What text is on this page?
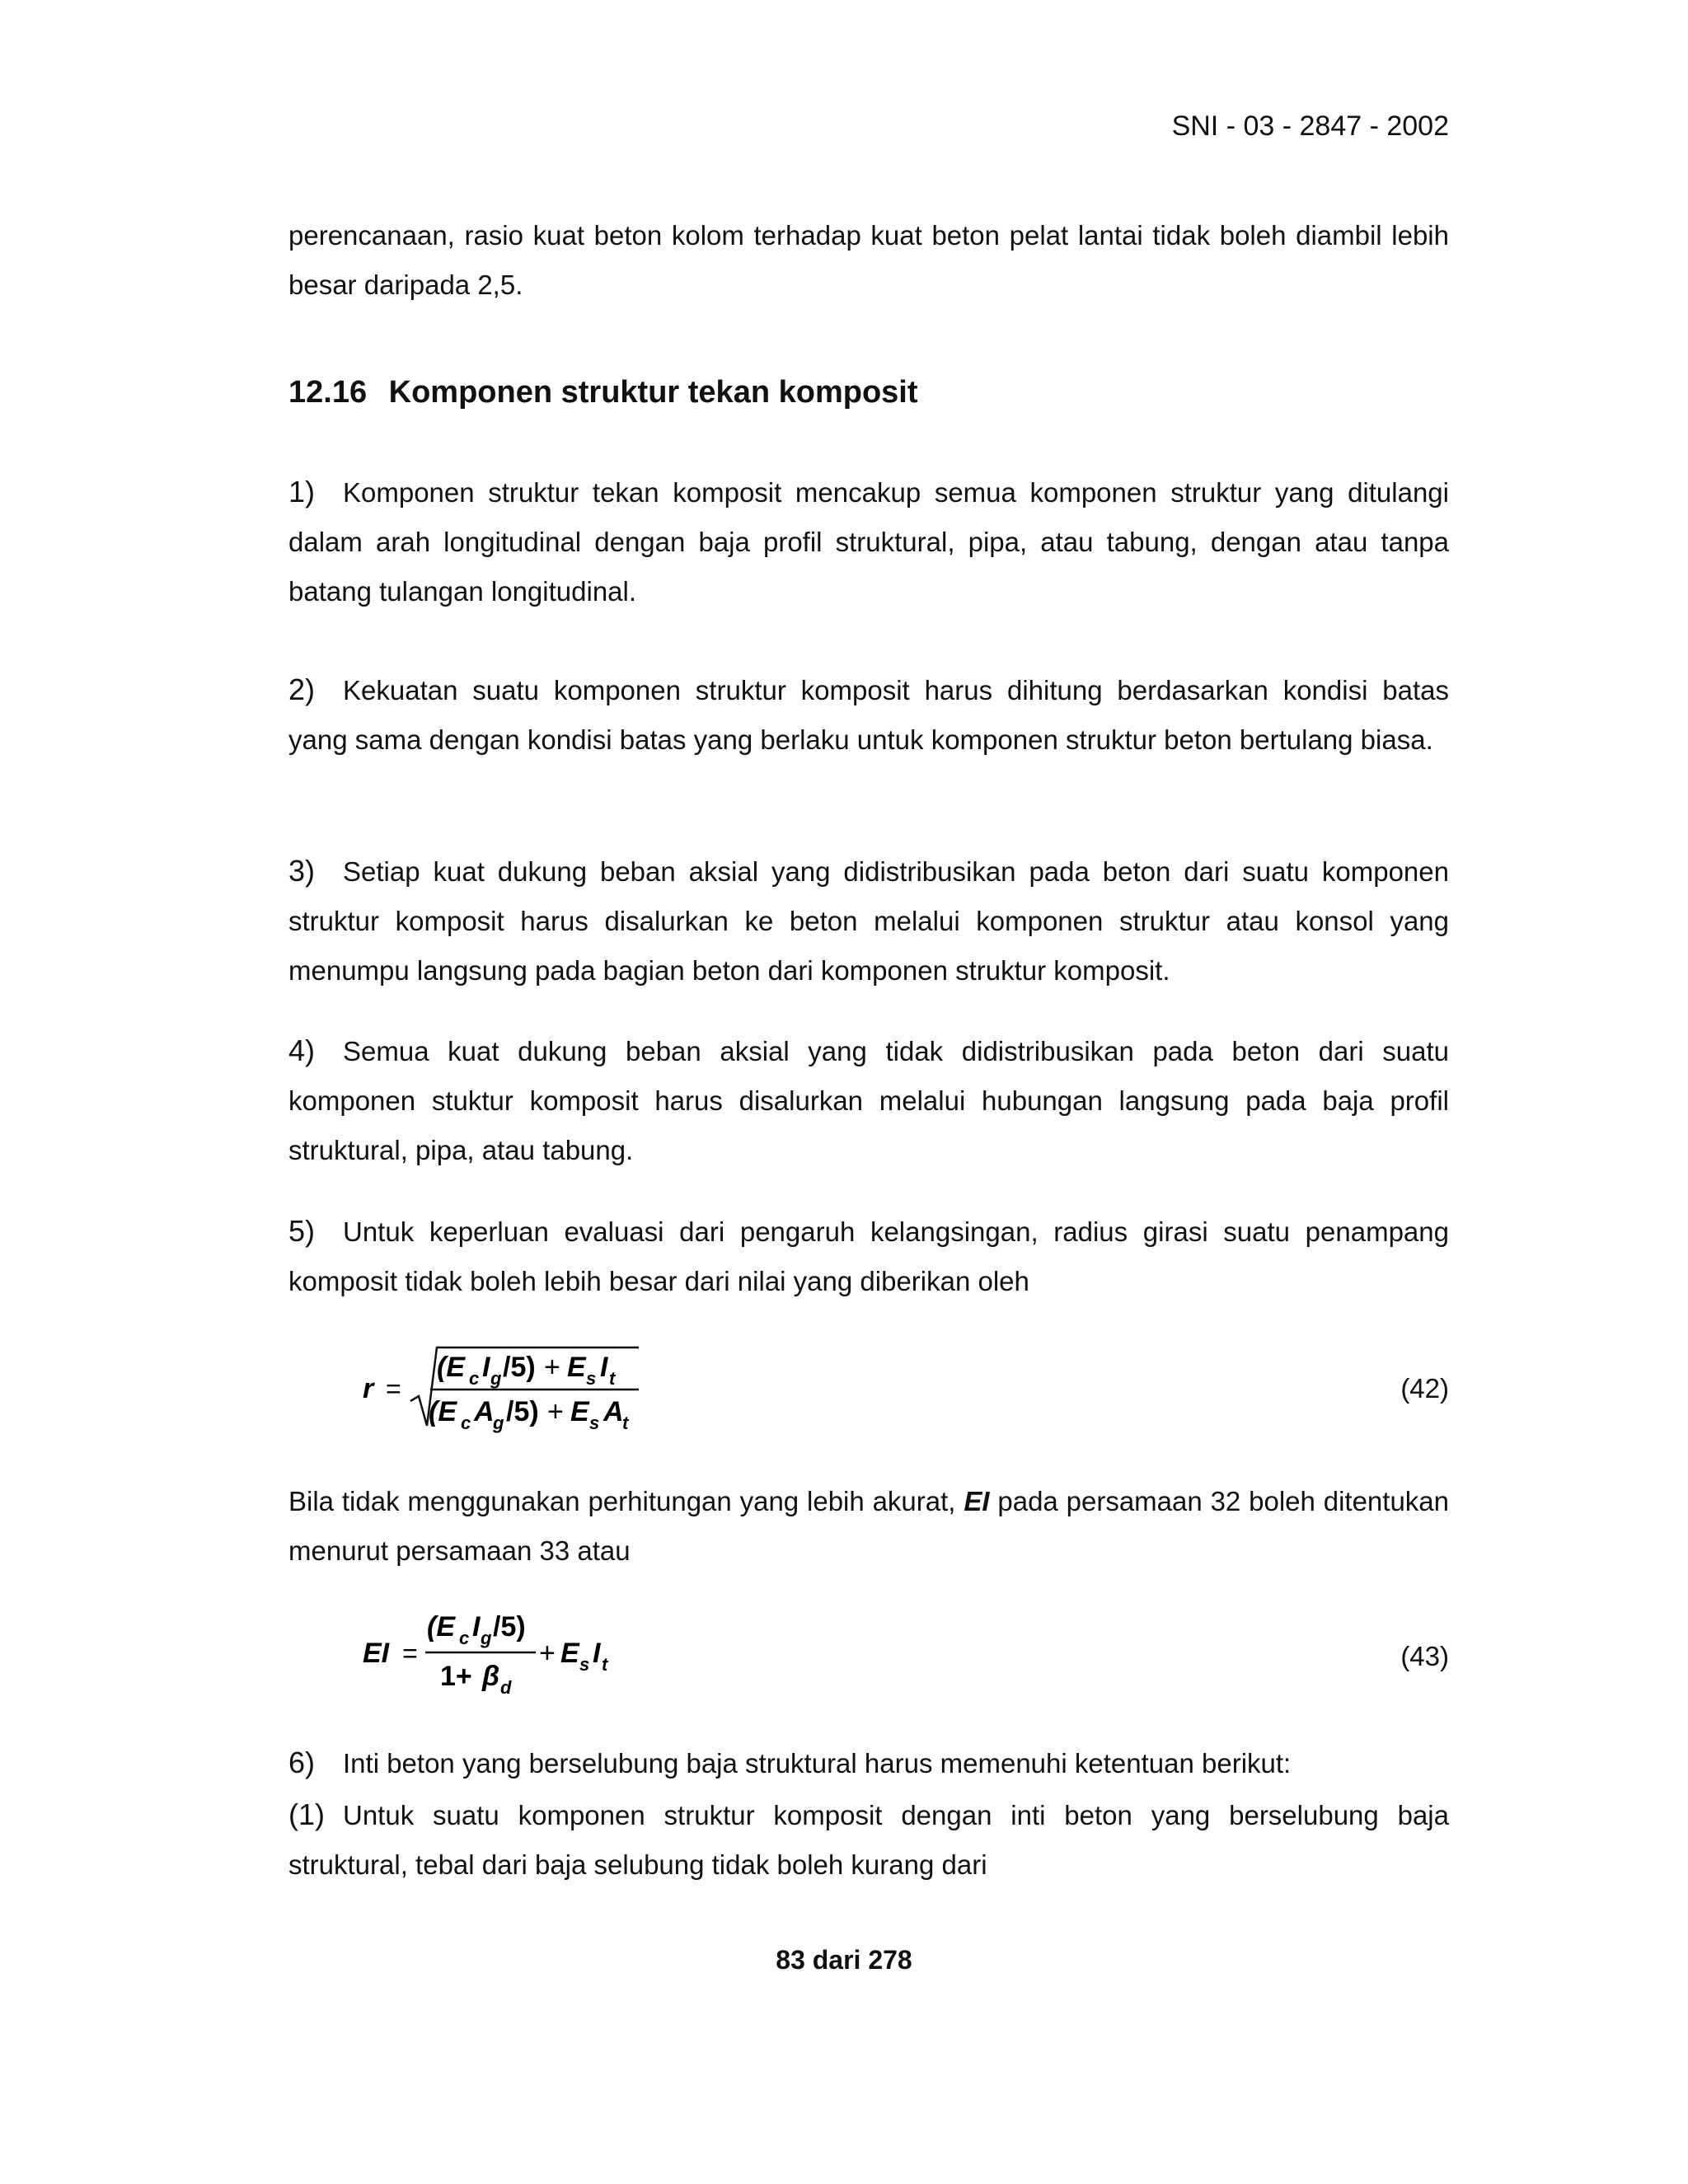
SNI - 03 - 2847 - 2002
perencanaan, rasio kuat beton kolom terhadap kuat beton pelat lantai tidak boleh diambil lebih besar daripada 2,5.
12.16 Komponen struktur tekan komposit
1) Komponen struktur tekan komposit mencakup semua komponen struktur yang ditulangi dalam arah longitudinal dengan baja profil struktural, pipa, atau tabung, dengan atau tanpa batang tulangan longitudinal.
2) Kekuatan suatu komponen struktur komposit harus dihitung berdasarkan kondisi batas yang sama dengan kondisi batas yang berlaku untuk komponen struktur beton bertulang biasa.
3) Setiap kuat dukung beban aksial yang didistribusikan pada beton dari suatu komponen struktur komposit harus disalurkan ke beton melalui komponen struktur atau konsol yang menumpu langsung pada bagian beton dari komponen struktur komposit.
4) Semua kuat dukung beban aksial yang tidak didistribusikan pada beton dari suatu komponen stuktur komposit harus disalurkan melalui hubungan langsung pada baja profil struktural, pipa, atau tabung.
5) Untuk keperluan evaluasi dari pengaruh kelangsingan, radius girasi suatu penampang komposit tidak boleh lebih besar dari nilai yang diberikan oleh
r =
(E c I g /5) + E s I t
(E c A
g /5) + E s A
t
(42)
Bila tidak menggunakan perhitungan yang lebih akurat, EI pada persamaan 32 boleh ditentukan menurut persamaan 33 atau
EI =
(E c I g /5)
1+ β d
+ E s I t	(43)
6) Inti beton yang berselubung baja struktural harus memenuhi ketentuan berikut:
(1) Untuk suatu komponen struktur komposit dengan inti beton yang berselubung baja struktural, tebal dari baja selubung tidak boleh kurang dari
83 dari 278
